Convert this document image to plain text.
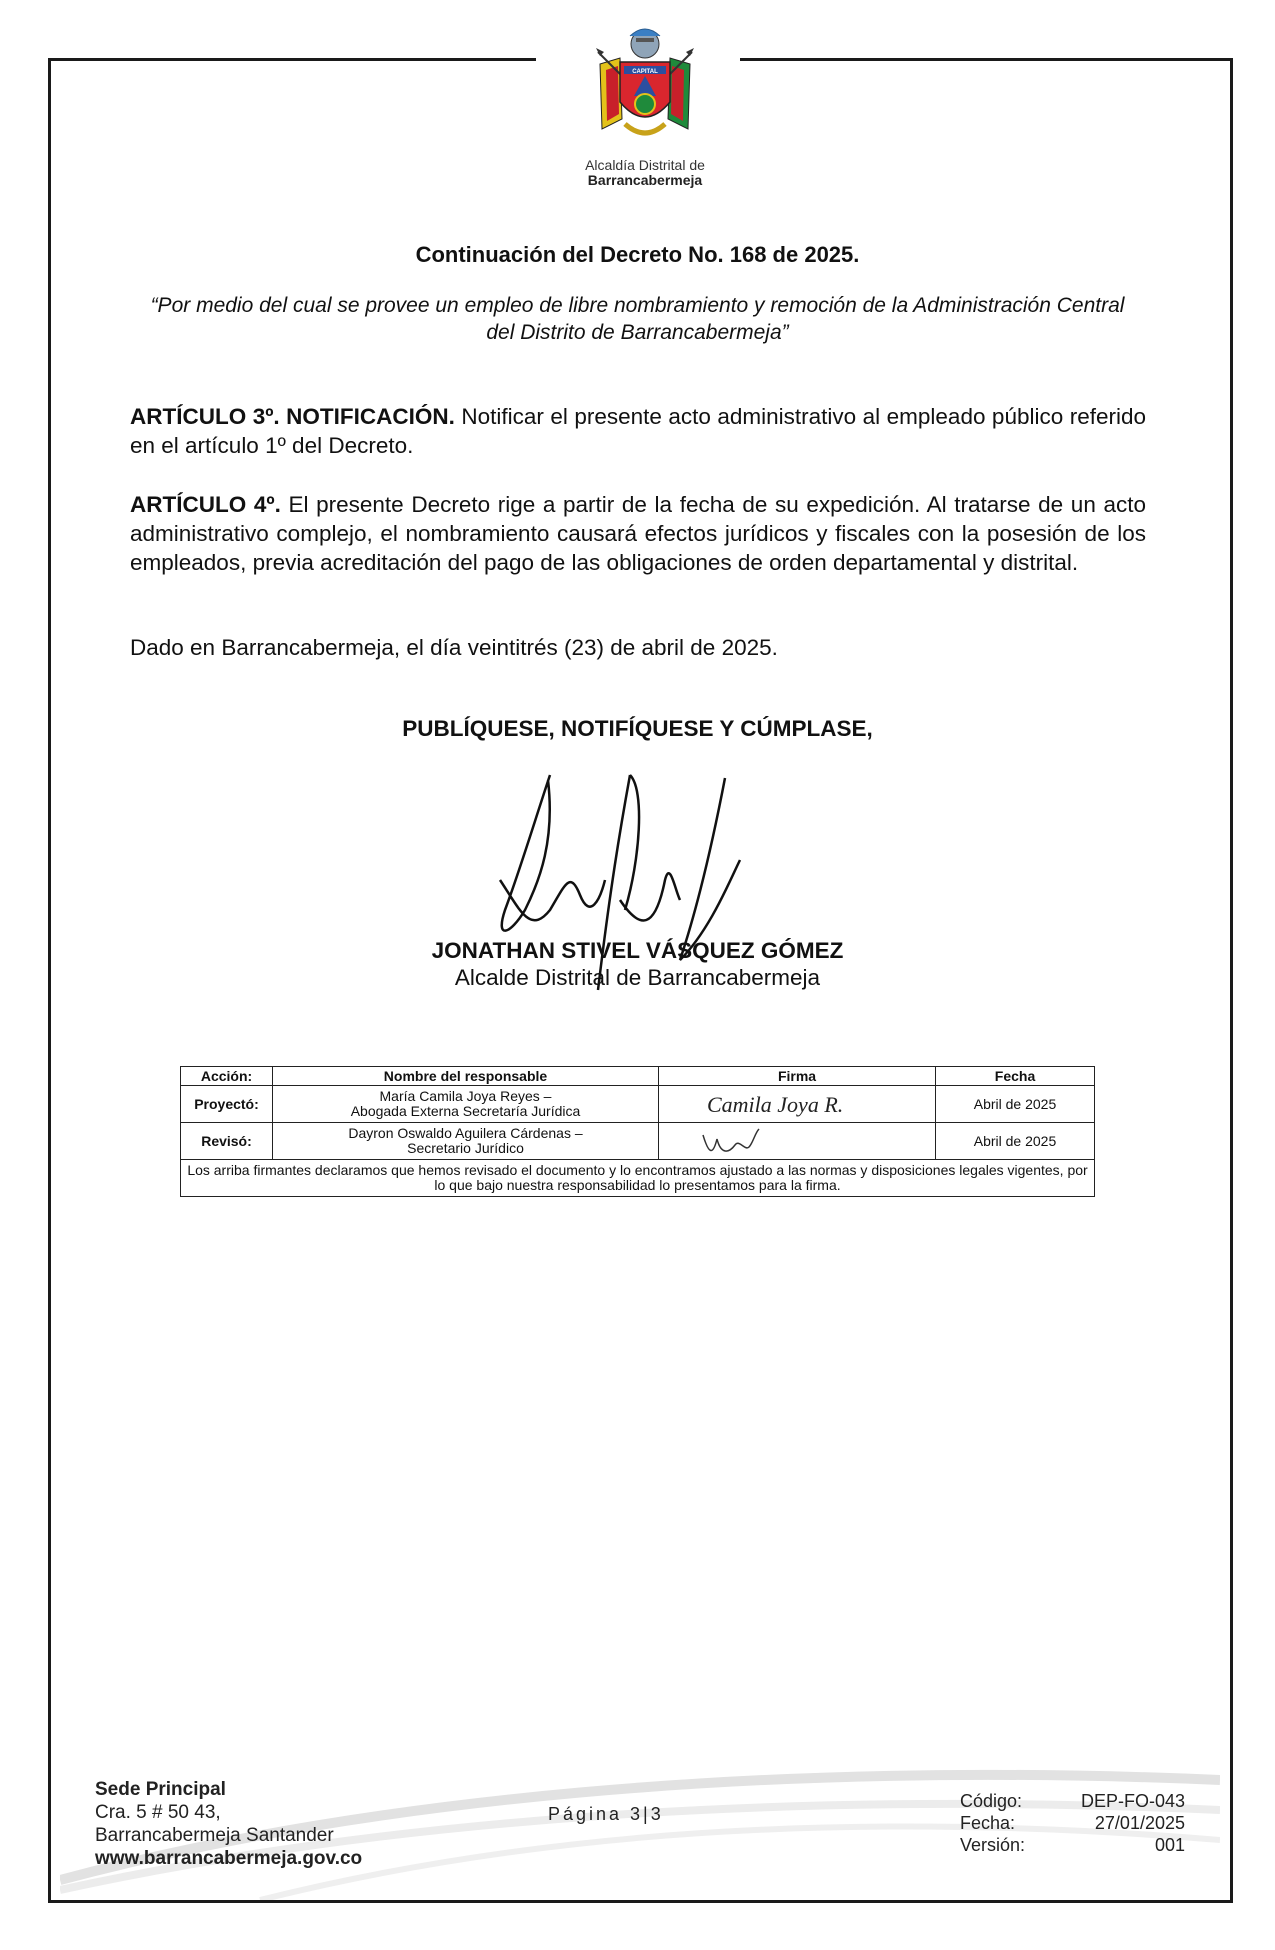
CAPITAL
Alcaldía Distrital de
Barrancabermeja
Continuación del Decreto No. 168 de 2025.
“Por medio del cual se provee un empleo de libre nombramiento y remoción de la Administración Central del Distrito de Barrancabermeja”
ARTÍCULO 3º. NOTIFICACIÓN. Notificar el presente acto administrativo al empleado público referido en el artículo 1º del Decreto.
ARTÍCULO 4º. El presente Decreto rige a partir de la fecha de su expedición. Al tratarse de un acto administrativo complejo, el nombramiento causará efectos jurídicos y fiscales con la posesión de los empleados, previa acreditación del pago de las obligaciones de orden departamental y distrital.
Dado en Barrancabermeja, el día veintitrés (23) de abril de 2025.
PUBLÍQUESE, NOTIFÍQUESE Y CÚMPLASE,
JONATHAN STIVEL VÁSQUEZ GÓMEZ
Alcalde Distrital de Barrancabermeja
Acción:	Nombre del responsable	Firma	Fecha
Proyectó:	María Camila Joya Reyes –
Abogada Externa Secretaría Jurídica	Camila Joya R.	Abril de 2025
Revisó:	Dayron Oswaldo Aguilera Cárdenas –
Secretario Jurídico		Abril de 2025
Los arriba firmantes declaramos que hemos revisado el documento y lo encontramos ajustado a las normas y disposiciones legales vigentes, por lo que bajo nuestra responsabilidad lo presentamos para la firma.			
Sede Principal
Cra. 5 # 50 43,
Barrancabermeja Santander
www.barrancabermeja.gov.co
Página 3|3
Código:	DEP-FO-043
Fecha:	27/01/2025
Versión:	001
